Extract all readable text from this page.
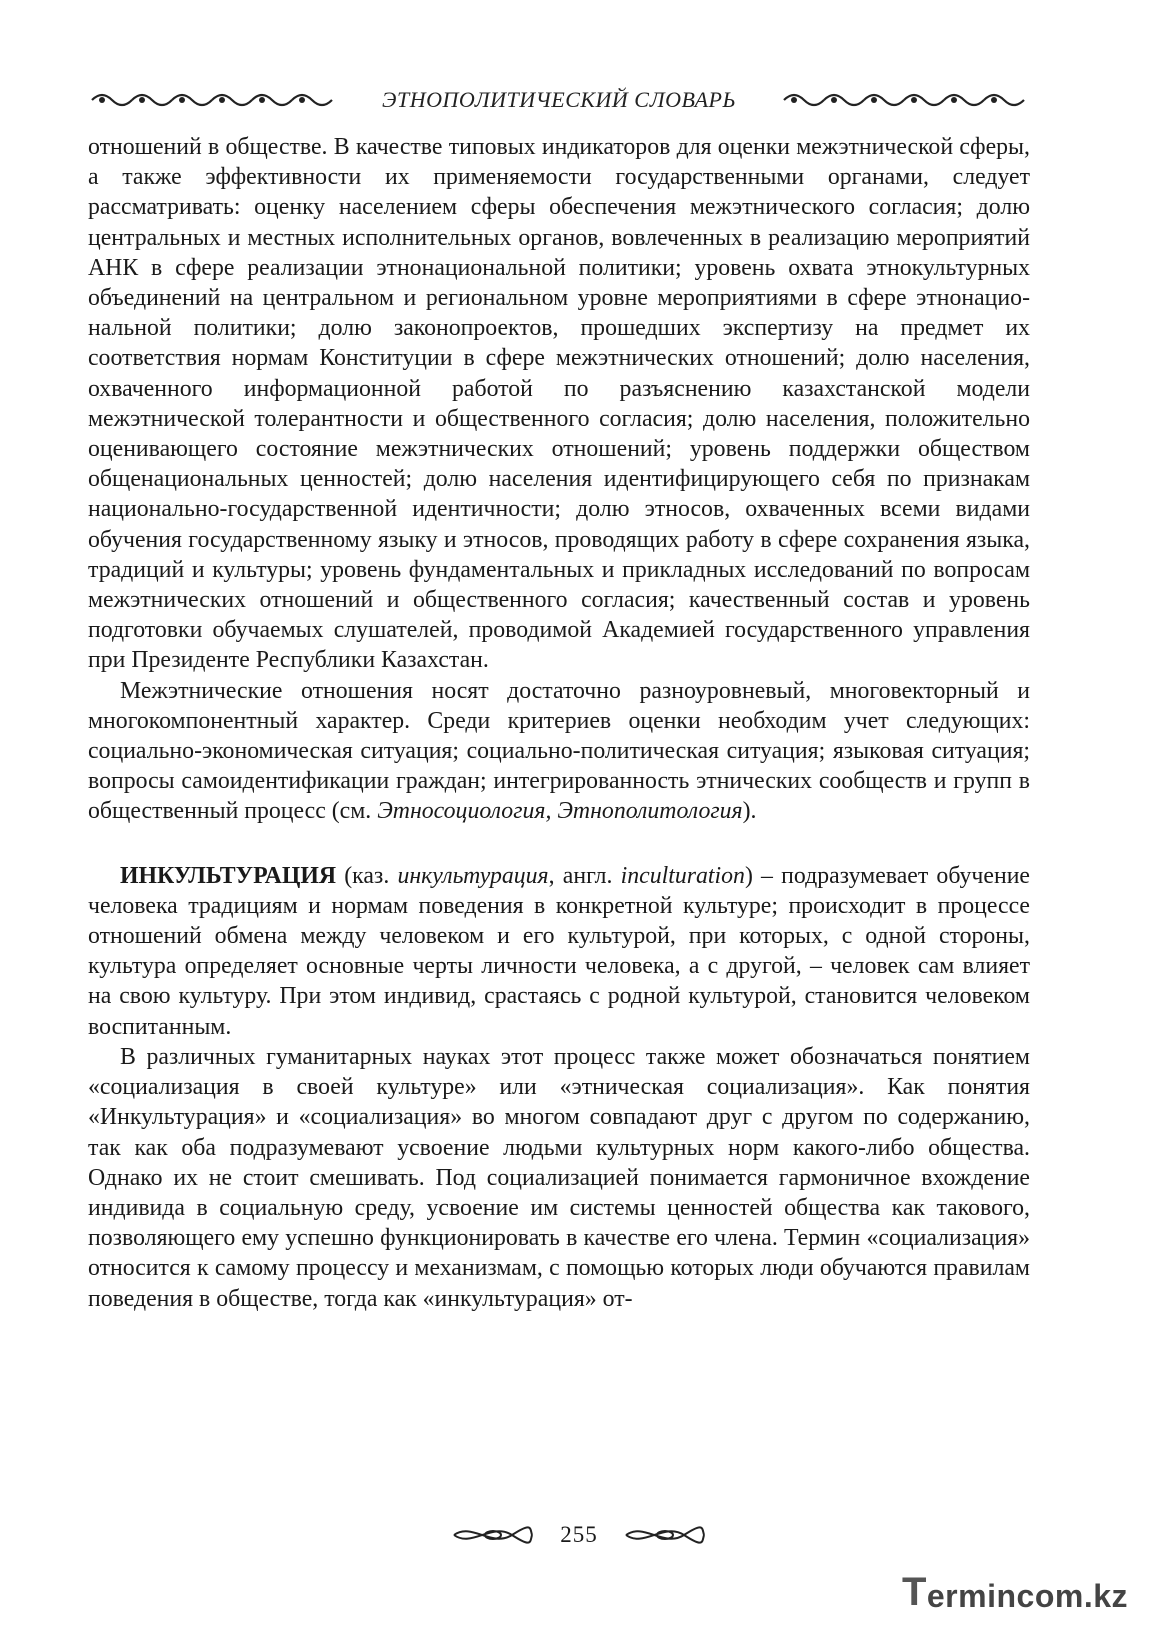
ЭТНОПОЛИТИЧЕСКИЙ СЛОВАРЬ

отношений в обществе. В качестве типовых индикаторов для оценки межэтнической сферы, а также эффективности их применяемости государственными органами, следует рассматривать: оценку населением сферы обеспечения межэтнического согласия; долю центральных и местных исполнительных органов, вовлеченных в реализацию мероприятий АНК в сфере реализации этнонациональной политики; уровень охвата этнокультурных объединений на центральном и региональном уровне мероприятиями в сфере этнонациональной политики; долю законопроектов, прошедших экспертизу на предмет их соответствия нормам Конституции в сфере межэтнических отношений; долю населения, охваченного информационной работой по разъяснению казахстанской модели межэтнической толерантности и общественного согласия; долю населения, положительно оценивающего состояние межэтнических отношений; уровень поддержки обществом общенациональных ценностей; долю населения идентифицирующего себя по признакам национально-государственной идентичности; долю этносов, охваченных всеми видами обучения государственному языку и этносов, проводящих работу в сфере сохранения языка, традиций и культуры; уровень фундаментальных и прикладных исследований по вопросам межэтнических отношений и общественного согласия; качественный состав и уровень подготовки обучаемых слушателей, проводимой Академией государственного управления при Президенте Республики Казахстан.

Межэтнические отношения носят достаточно разноуровневый, многовекторный и многокомпонентный характер. Среди критериев оценки необходим учет следующих: социально-экономическая ситуация; социально-политическая ситуация; языковая ситуация; вопросы самоидентификации граждан; интегрированность этнических сообществ и групп в общественный процесс (см. Этносоциология, Этнополитология).

ИНКУЛЬТУРАЦИЯ (каз. инкультурация, англ. inculturation) – подразумевает обучение человека традициям и нормам поведения в конкретной культуре; происходит в процессе отношений обмена между человеком и его культурой, при которых, с одной стороны, культура определяет основные черты личности человека, а с другой, – человек сам влияет на свою культуру. При этом индивид, срастаясь с родной культурой, становится человеком воспитанным.

В различных гуманитарных науках этот процесс также может обозначаться понятием «социализация в своей культуре» или «этническая социализация». Как понятия «Инкультурация» и «социализация» во многом совпадают друг с другом по содержанию, так как оба подразумевают усвоение людьми культурных норм какого-либо общества. Однако их не стоит смешивать. Под социализацией понимается гармоничное вхождение индивида в социальную среду, усвоение им системы ценностей общества как такового, позволяющего ему успешно функционировать в качестве его члена. Термин «социализация» относится к самому процессу и механизмам, с помощью которых люди обучаются правилам поведения в обществе, тогда как «инкультурация» от-

255
T ermincom.kz
